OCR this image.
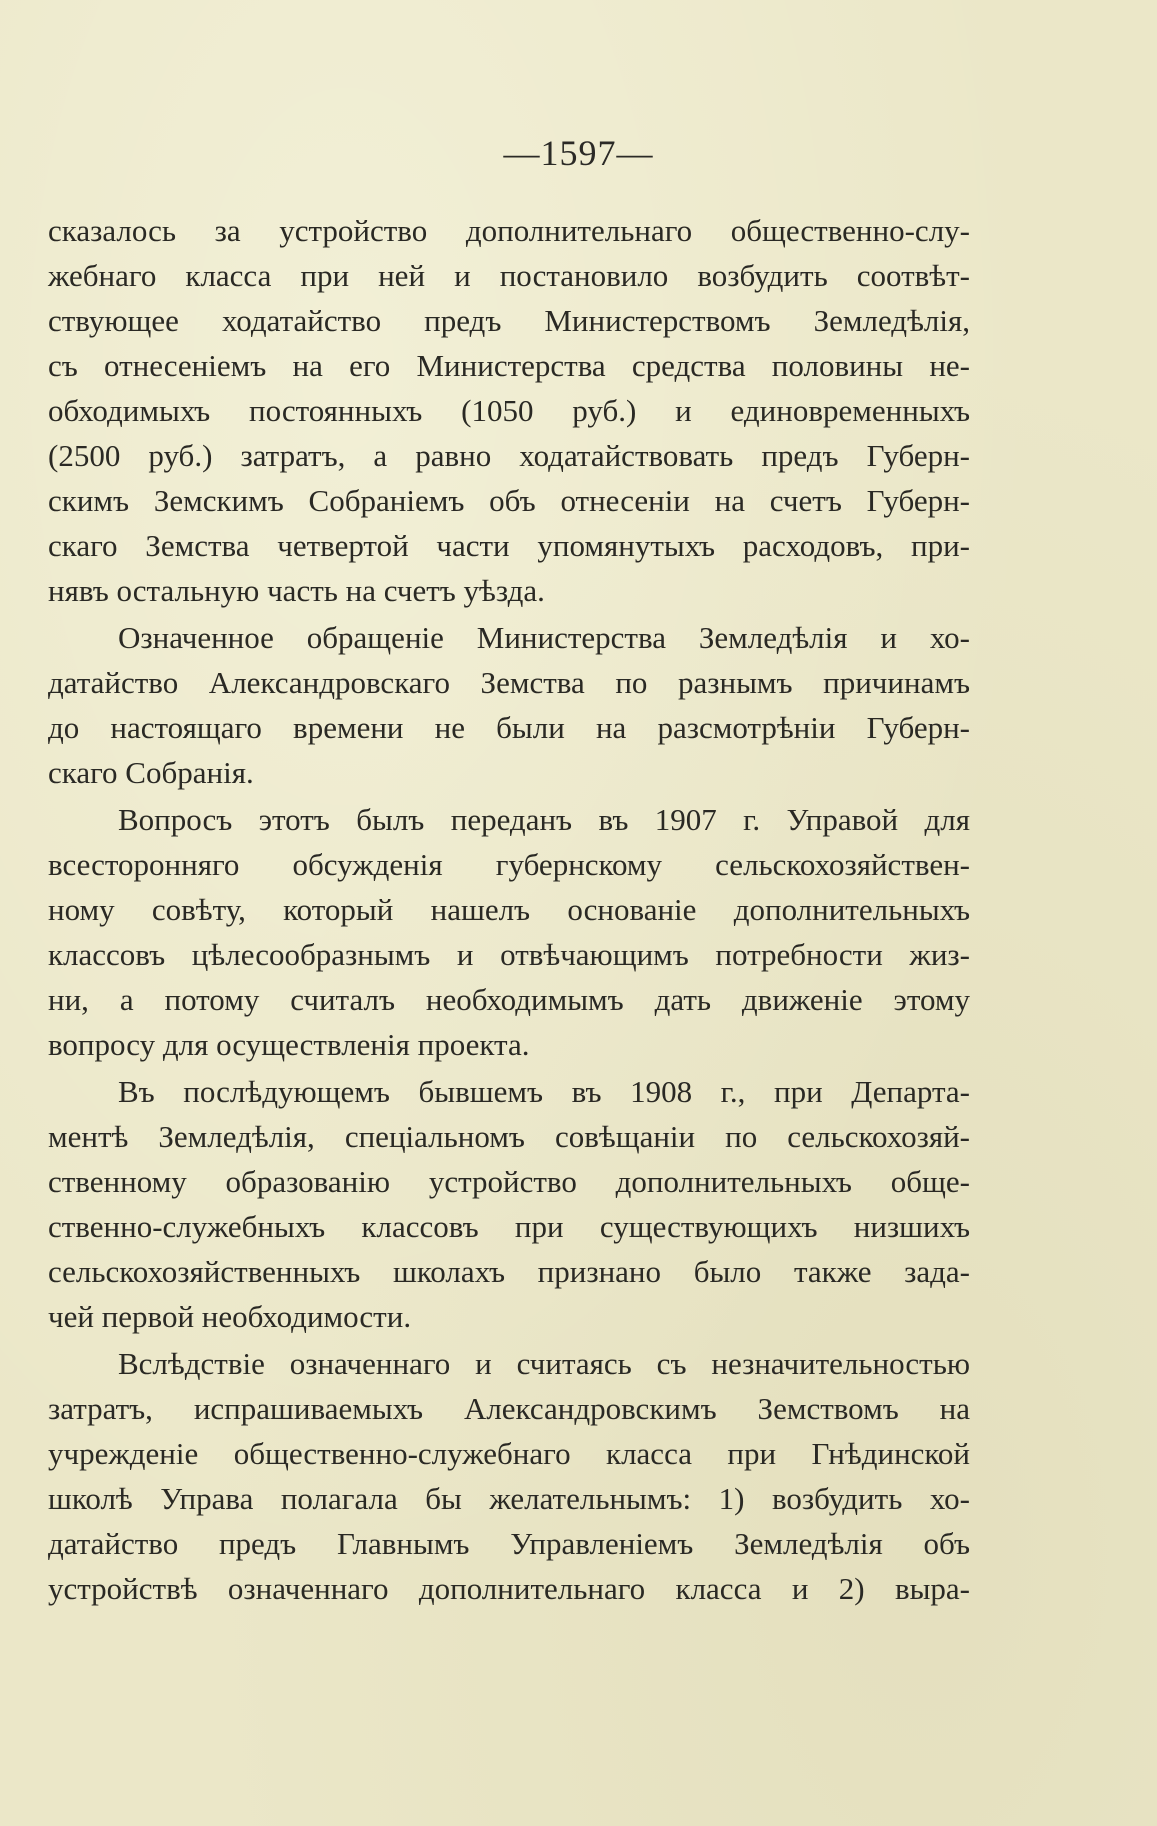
—1597—
сказалось за устройство дополнительнаго общественно-слу-
жебнаго класса при ней и постановило возбудить соотвѣт-
ствующее ходатайство предъ Министерствомъ Земледѣлія,
съ отнесеніемъ на его Министерства средства половины не-
обходимыхъ постоянныхъ (1050 руб.) и единовременныхъ
(2500 руб.) затратъ, а равно ходатайствовать предъ Губерн-
скимъ Земскимъ Собраніемъ объ отнесеніи на счетъ Губерн-
скаго Земства четвертой части упомянутыхъ расходовъ, при-
нявъ остальную часть на счетъ уѣзда.
Означенное обращеніе Министерства Земледѣлія и хо-
датайство Александровскаго Земства по разнымъ причинамъ
до настоящаго времени не были на разсмотрѣніи Губерн-
скаго Собранія.
Вопросъ этотъ былъ переданъ въ 1907 г. Управой для
всесторонняго обсужденія губернскому сельскохозяйствен-
ному совѣту, который нашелъ основаніе дополнительныхъ
классовъ цѣлесообразнымъ и отвѣчающимъ потребности жиз-
ни, а потому считалъ необходимымъ дать движеніе этому
вопросу для осуществленія проекта.
Въ послѣдующемъ бывшемъ въ 1908 г., при Департа-
ментѣ Земледѣлія, спеціальномъ совѣщаніи по сельскохозяй-
ственному образованію устройство дополнительныхъ обще-
ственно-служебныхъ классовъ при существующихъ низшихъ
сельскохозяйственныхъ школахъ признано было также зада-
чей первой необходимости.
Вслѣдствіе означеннаго и считаясь съ незначительностью
затратъ, испрашиваемыхъ Александровскимъ Земствомъ на
учрежденіе общественно-служебнаго класса при Гнѣдинской
школѣ Управа полагала бы желательнымъ: 1) возбудить хо-
датайство предъ Главнымъ Управленіемъ Земледѣлія объ
устройствѣ означеннаго дополнительнаго класса и 2) выра-
